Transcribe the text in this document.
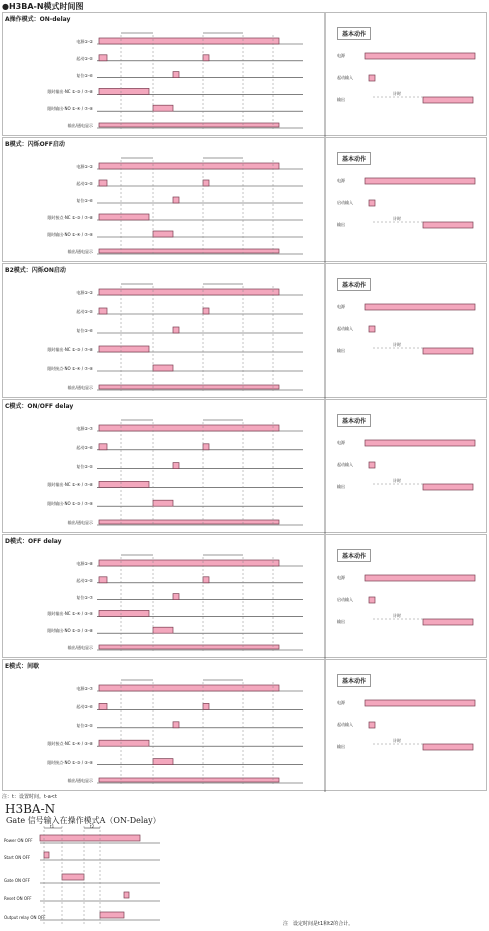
●H3BA-N模式时间图
A操作模式：ON-delay
基本动作
电源①-②
起动①-⑤
复位①-⑥
限时输出·NC ①-③ / ⑦-⑧
限时输出·NO ①-④ / ⑦-⑨
输出/通电显示
电源
起动输入
输出
计时
B模式：闪烁OFF启动
基本动作
电源①-②
起动①-⑤
复位①-⑥
限时接点·NC ①-③ / ⑦-⑧
限时输出·NO ①-④ / ⑦-⑨
输出/通电显示
电源
启动输入
输出
计时
B2模式：闪烁ON启动
基本动作
电源①-②
起动①-⑤
复位①-⑥
限时输出·NC ①-③ / ⑦-⑧
限时接点·NO ①-④ / ⑦-⑨
输出/通电显示
电源
起动输入
输出
计时
C模式：ON/OFF delay
基本动作
电源②-⑦
起动②-⑥
复位②-⑤
限时输出·NC ①-④ / ⑦-⑧
限时输出·NO ①-③ / ⑦-⑨
输出/通电显示
电源
起动输入
输出
计时
D模式：OFF delay
基本动作
电源①-⑧
起动①-⑤
复位①-⑦
限时输出·NC ①-④ / ③-⑨
限时输出·NO ①-③ / ③-⑧
输出/通电显示
电源
启动输入
输出
计时
E模式：间歇
基本动作
电源②-⑦
起动②-⑥
复位②-⑤
限时接点·NC ①-④ / ③-⑧
限时接点·NO ①-③ / ③-⑨
输出/通电显示
电源
起动输入
输出
计时
注：t：设置时间。t-a<t
H3BA-N
Gate 信号输入在操作模式A（ON-Delay）
注　设定时间是t1和t2的合计。
Power ON OFF
Start ON OFF
Gate ON OFF
Reset ON OFF
Output relay ON OFF
t1	t2
